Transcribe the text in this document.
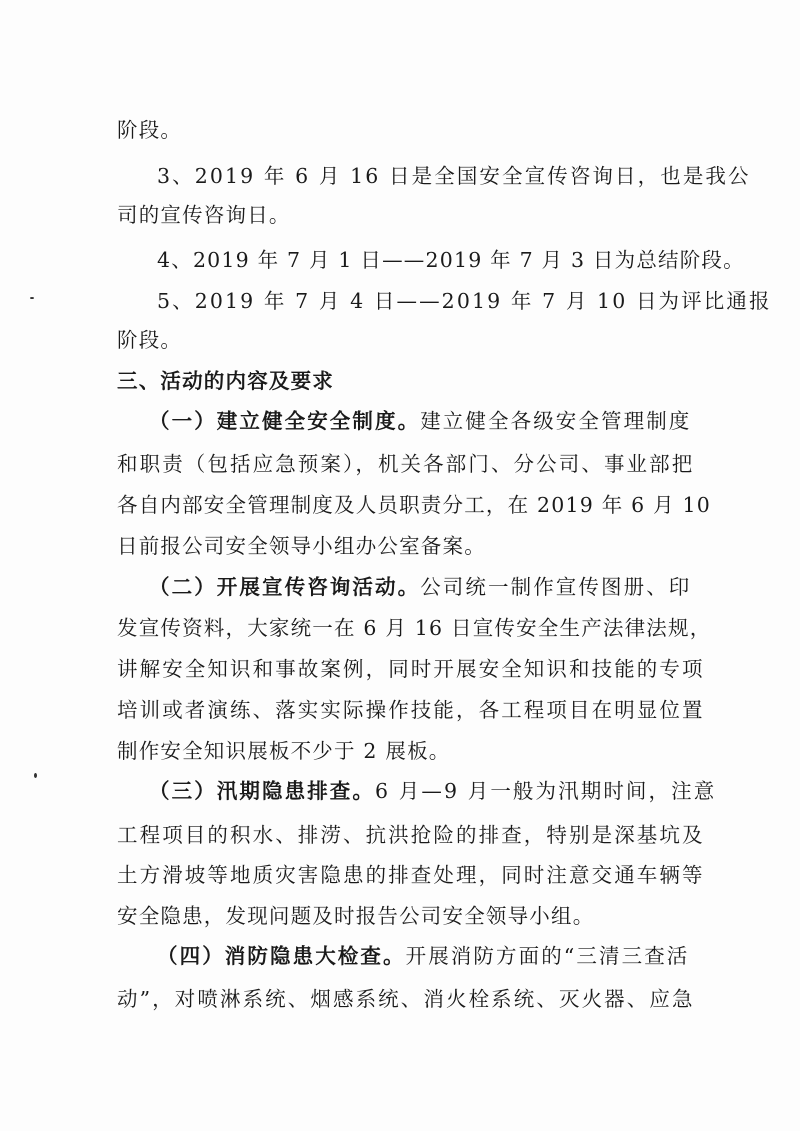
阶段。
3、2019 年 6 月 16 日是全国安全宣传咨询日，也是我公
司的宣传咨询日。
4、2019 年 7 月 1 日——2019 年 7 月 3 日为总结阶段。
5、2019 年 7 月 4 日——2019 年 7 月 10 日为评比通报
阶段。
三、活动的内容及要求
（一）建立健全安全制度。建立健全各级安全管理制度
和职责（包括应急预案），机关各部门、分公司、事业部把
各自内部安全管理制度及人员职责分工，在 2019 年 6 月 10
日前报公司安全领导小组办公室备案。
（二）开展宣传咨询活动。公司统一制作宣传图册、印
发宣传资料，大家统一在 6 月 16 日宣传安全生产法律法规，
讲解安全知识和事故案例，同时开展安全知识和技能的专项
培训或者演练、落实实际操作技能，各工程项目在明显位置
制作安全知识展板不少于 2 展板。
（三）汛期隐患排查。6 月—9 月一般为汛期时间，注意
工程项目的积水、排涝、抗洪抢险的排查，特别是深基坑及
土方滑坡等地质灾害隐患的排查处理，同时注意交通车辆等
安全隐患，发现问题及时报告公司安全领导小组。
（四）消防隐患大检查。开展消防方面的“三清三查活
动”，对喷淋系统、烟感系统、消火栓系统、灭火器、应急
